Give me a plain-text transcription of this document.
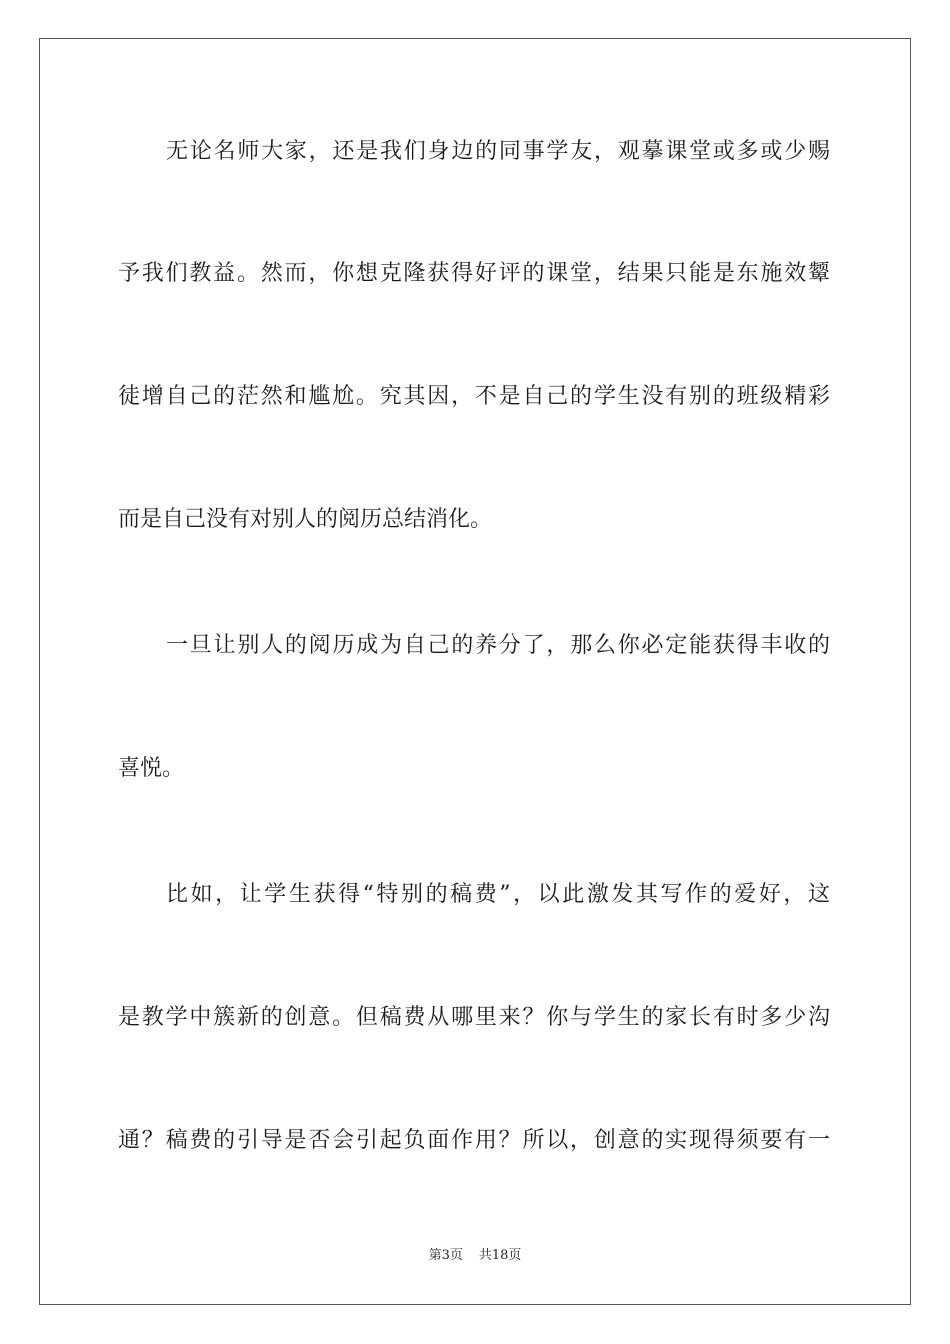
无论名师大家，还是我们身边的同事学友，观摹课堂或多或少赐
予我们教益。然而，你想克隆获得好评的课堂，结果只能是东施效颦
徒增自己的茫然和尴尬。究其因，不是自己的学生没有别的班级精彩
而是自己没有对别人的阅历总结消化。
一旦让别人的阅历成为自己的养分了，那么你必定能获得丰收的
喜悦。
比如，让学生获得“特别的稿费”，以此激发其写作的爱好，这
是教学中簇新的创意。但稿费从哪里来？你与学生的家长有时多少沟
通？稿费的引导是否会引起负面作用？所以，创意的实现得须要有一
第3页 共18页
